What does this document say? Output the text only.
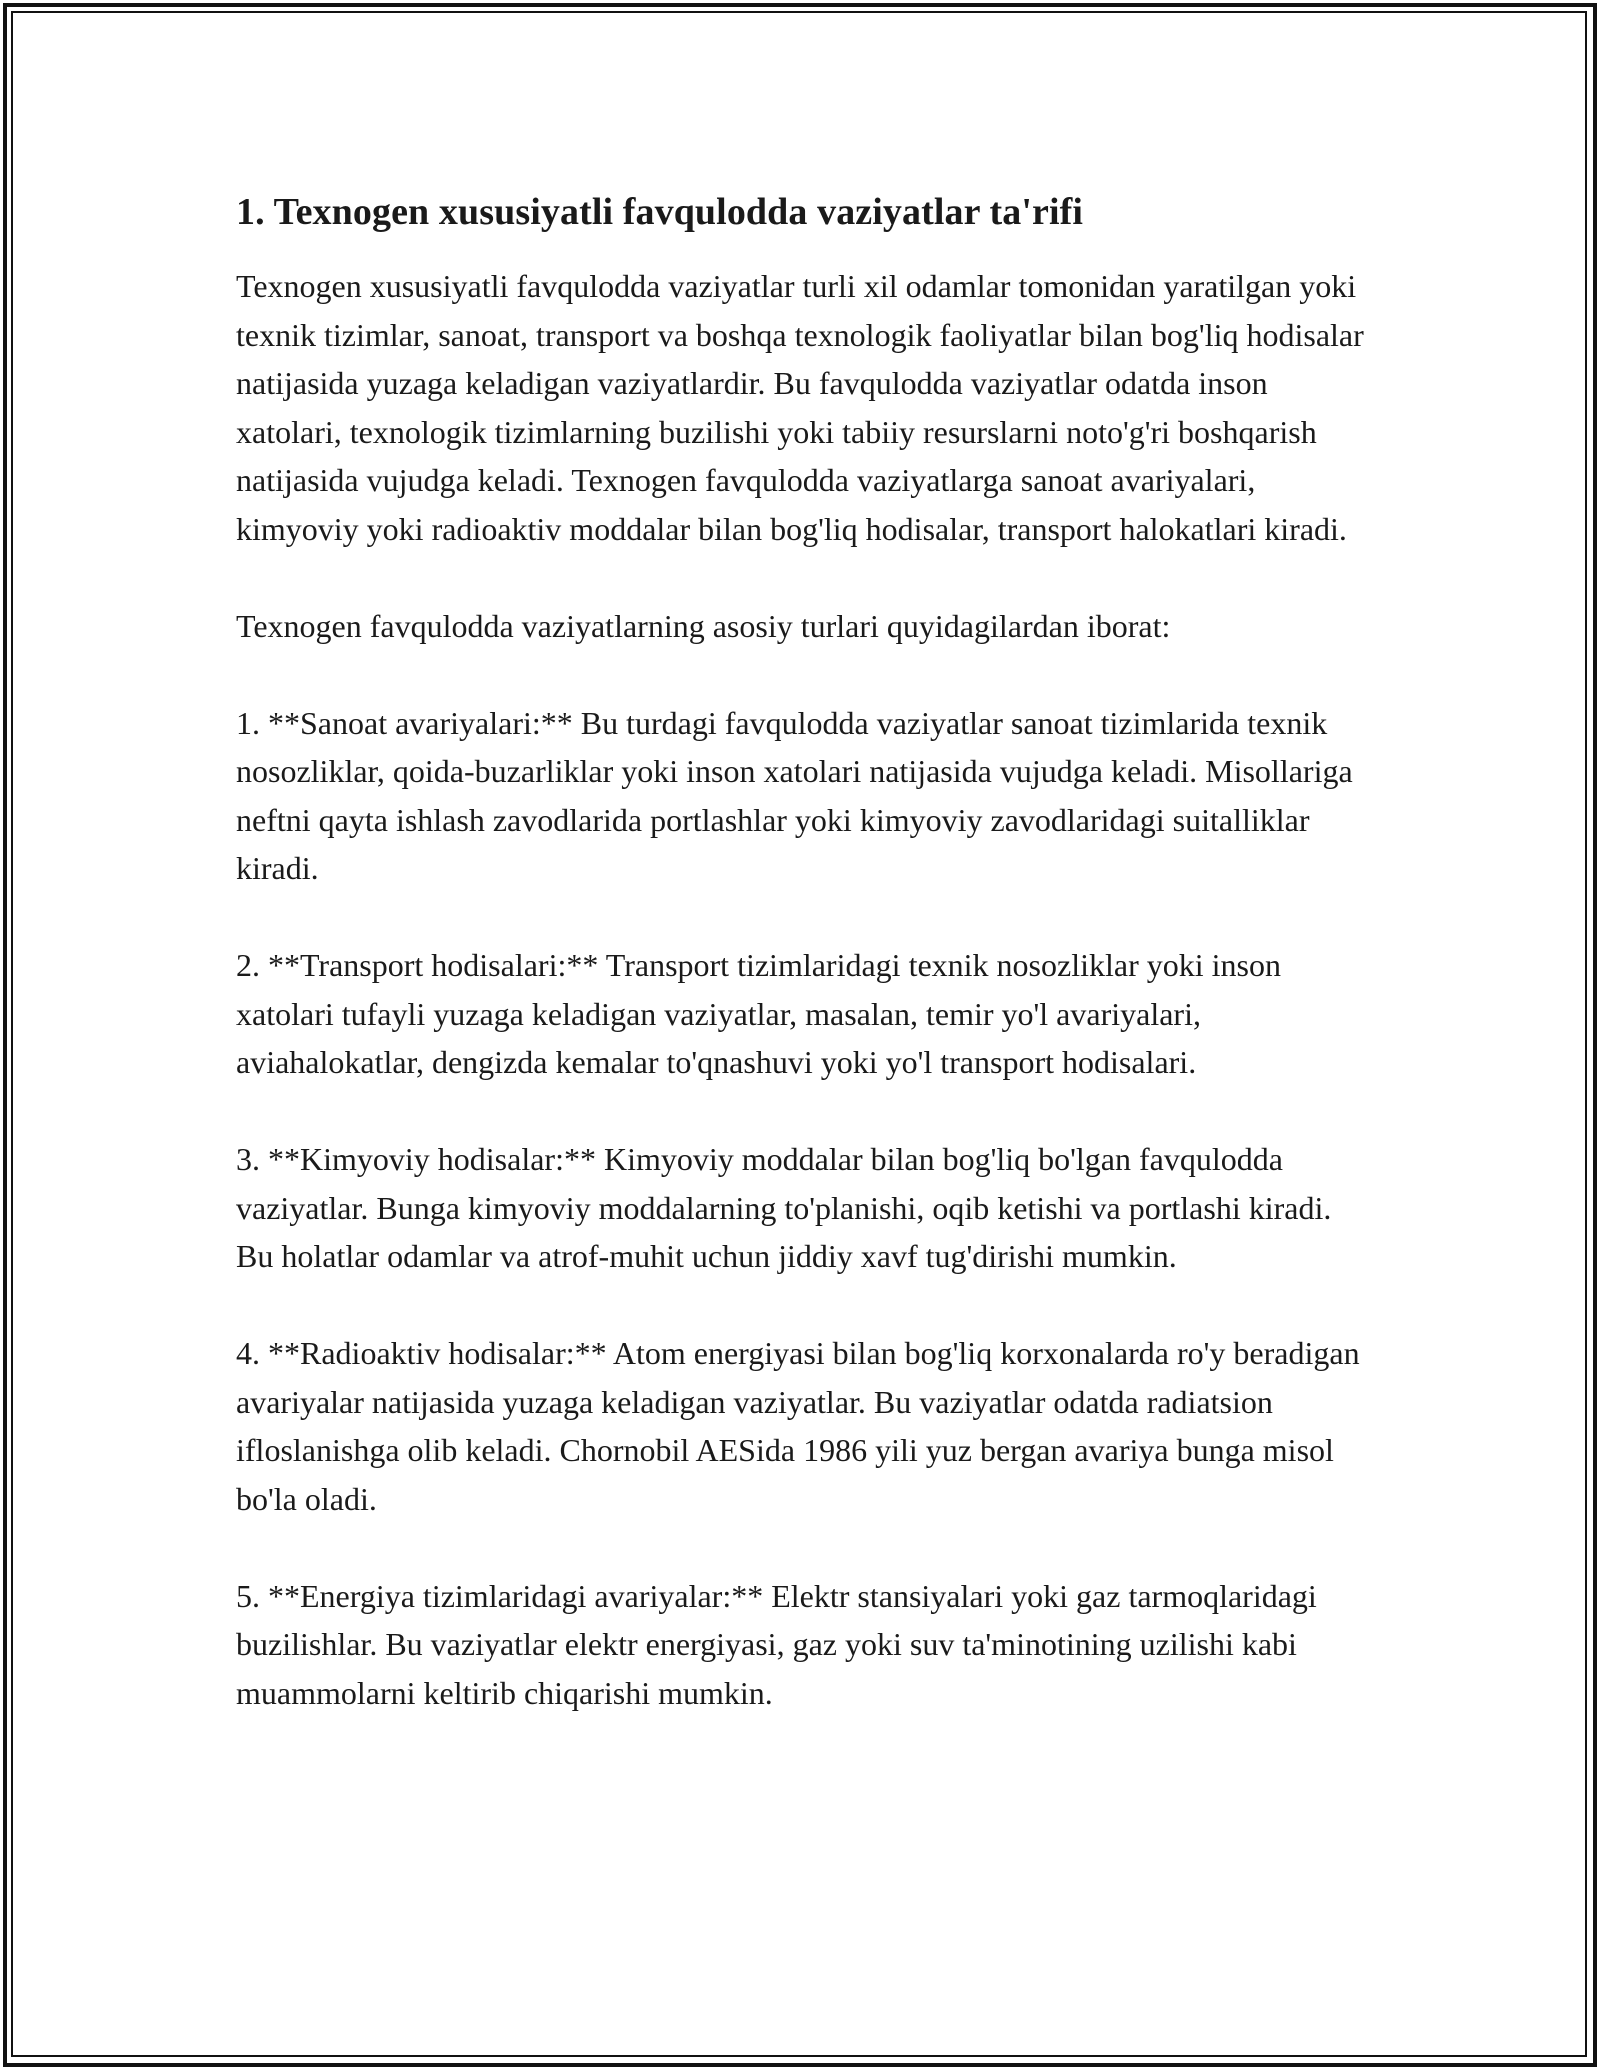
1. Texnogen xususiyatli favqulodda vaziyatlar ta'rifi

Texnogen xususiyatli favqulodda vaziyatlar turli xil odamlar tomonidan yaratilgan yoki texnik tizimlar, sanoat, transport va boshqa texnologik faoliyatlar bilan bog'liq hodisalar natijasida yuzaga keladigan vaziyatlardir. Bu favqulodda vaziyatlar odatda inson xatolari, texnologik tizimlarning buzilishi yoki tabiiy resurslarni noto'g'ri boshqarish natijasida vujudga keladi. Texnogen favqulodda vaziyatlarga sanoat avariyalari, kimyoviy yoki radioaktiv moddalar bilan bog'liq hodisalar, transport halokatlari kiradi.

Texnogen favqulodda vaziyatlarning asosiy turlari quyidagilardan iborat:

1. **Sanoat avariyalari:** Bu turdagi favqulodda vaziyatlar sanoat tizimlarida texnik nosozliklar, qoida-buzarliklar yoki inson xatolari natijasida vujudga keladi. Misollariga neftni qayta ishlash zavodlarida portlashlar yoki kimyoviy zavodlaridagi suitalliklar kiradi.

2. **Transport hodisalari:** Transport tizimlaridagi texnik nosozliklar yoki inson xatolari tufayli yuzaga keladigan vaziyatlar, masalan, temir yo'l avariyalari, aviahalokatlar, dengizda kemalar to'qnashuvi yoki yo'l transport hodisalari.

3. **Kimyoviy hodisalar:** Kimyoviy moddalar bilan bog'liq bo'lgan favqulodda vaziyatlar. Bunga kimyoviy moddalarning to'planishi, oqib ketishi va portlashi kiradi. Bu holatlar odamlar va atrof-muhit uchun jiddiy xavf tug'dirishi mumkin.

4. **Radioaktiv hodisalar:** Atom energiyasi bilan bog'liq korxonalarda ro'y beradigan avariyalar natijasida yuzaga keladigan vaziyatlar. Bu vaziyatlar odatda radiatsion ifloslanishga olib keladi. Chornobil AESida 1986 yili yuz bergan avariya bunga misol bo'la oladi.

5. **Energiya tizimlaridagi avariyalar:** Elektr stansiyalari yoki gaz tarmoqlaridagi buzilishlar. Bu vaziyatlar elektr energiyasi, gaz yoki suv ta'minotining uzilishi kabi muammolarni keltirib chiqarishi mumkin.
